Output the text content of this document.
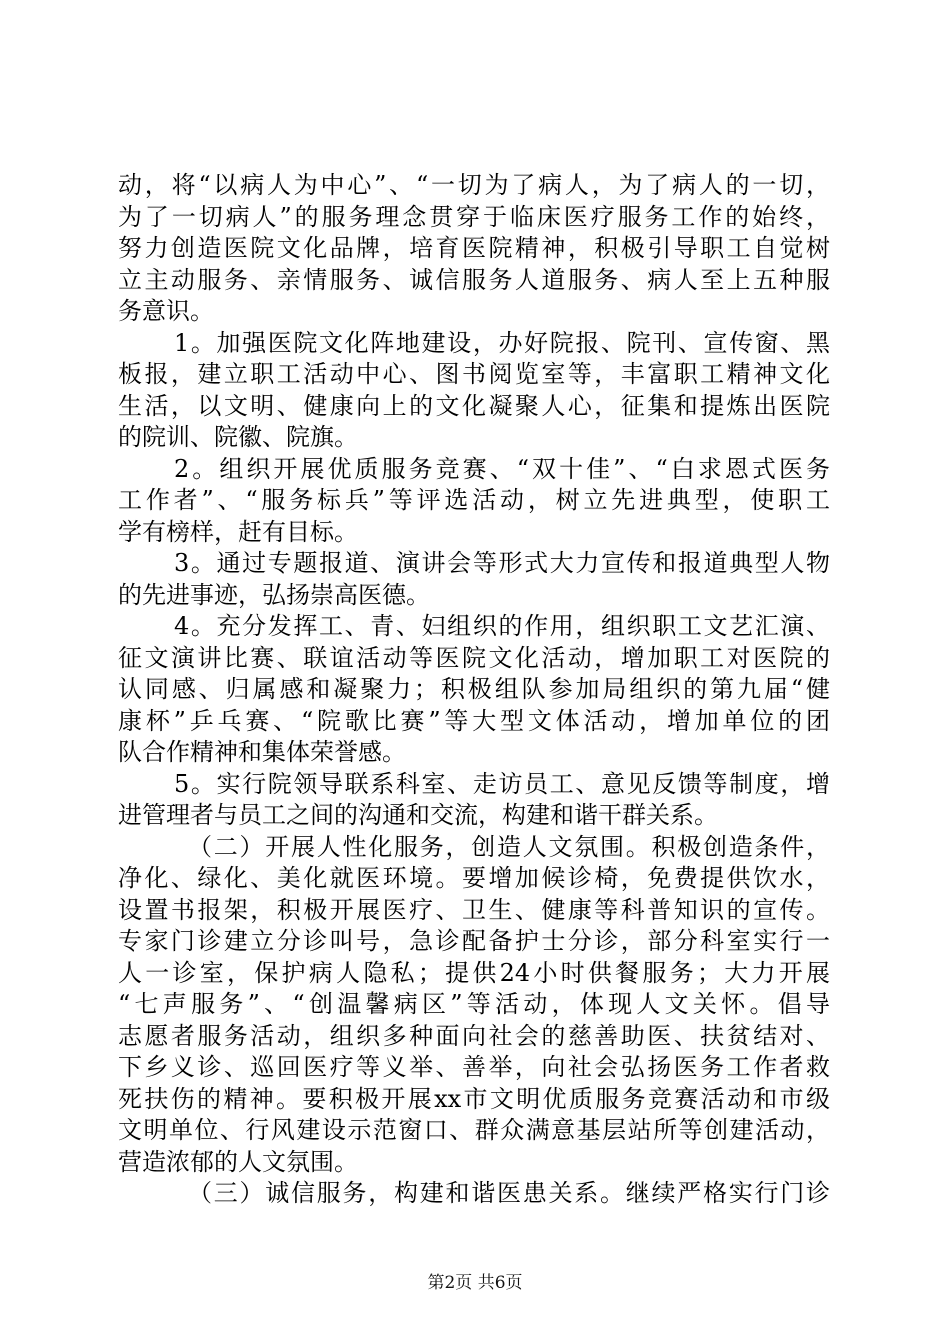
动，将“以病人为中心”、“一切为了病人，为了病人的一切，
为了一切病人”的服务理念贯穿于临床医疗服务工作的始终，
努力创造医院文化品牌，培育医院精神，积极引导职工自觉树
立主动服务、亲情服务、诚信服务人道服务、病人至上五种服
务意识。
1。加强医院文化阵地建设，办好院报、院刊、宣传窗、黑
板报，建立职工活动中心、图书阅览室等，丰富职工精神文化
生活，以文明、健康向上的文化凝聚人心，征集和提炼出医院
的院训、院徽、院旗。
2。组织开展优质服务竞赛、“双十佳”、“白求恩式医务
工作者”、“服务标兵”等评选活动，树立先进典型，使职工
学有榜样，赶有目标。
3。通过专题报道、演讲会等形式大力宣传和报道典型人物
的先进事迹，弘扬崇高医德。
4。充分发挥工、青、妇组织的作用，组织职工文艺汇演、
征文演讲比赛、联谊活动等医院文化活动，增加职工对医院的
认同感、归属感和凝聚力；积极组队参加局组织的第九届“健
康杯”乒乓赛、“院歌比赛”等大型文体活动，增加单位的团
队合作精神和集体荣誉感。
5。实行院领导联系科室、走访员工、意见反馈等制度，增
进管理者与员工之间的沟通和交流，构建和谐干群关系。
（二）开展人性化服务，创造人文氛围。积极创造条件，
净化、绿化、美化就医环境。要增加候诊椅，免费提供饮水，
设置书报架，积极开展医疗、卫生、健康等科普知识的宣传。
专家门诊建立分诊叫号，急诊配备护士分诊，部分科室实行一
人一诊室，保护病人隐私；提供24小时供餐服务；大力开展
“七声服务”、“创温馨病区”等活动，体现人文关怀。倡导
志愿者服务活动，组织多种面向社会的慈善助医、扶贫结对、
下乡义诊、巡回医疗等义举、善举，向社会弘扬医务工作者救
死扶伤的精神。要积极开展xx市文明优质服务竞赛活动和市级
文明单位、行风建设示范窗口、群众满意基层站所等创建活动，
营造浓郁的人文氛围。
（三）诚信服务，构建和谐医患关系。继续严格实行门诊
第2页 共6页
